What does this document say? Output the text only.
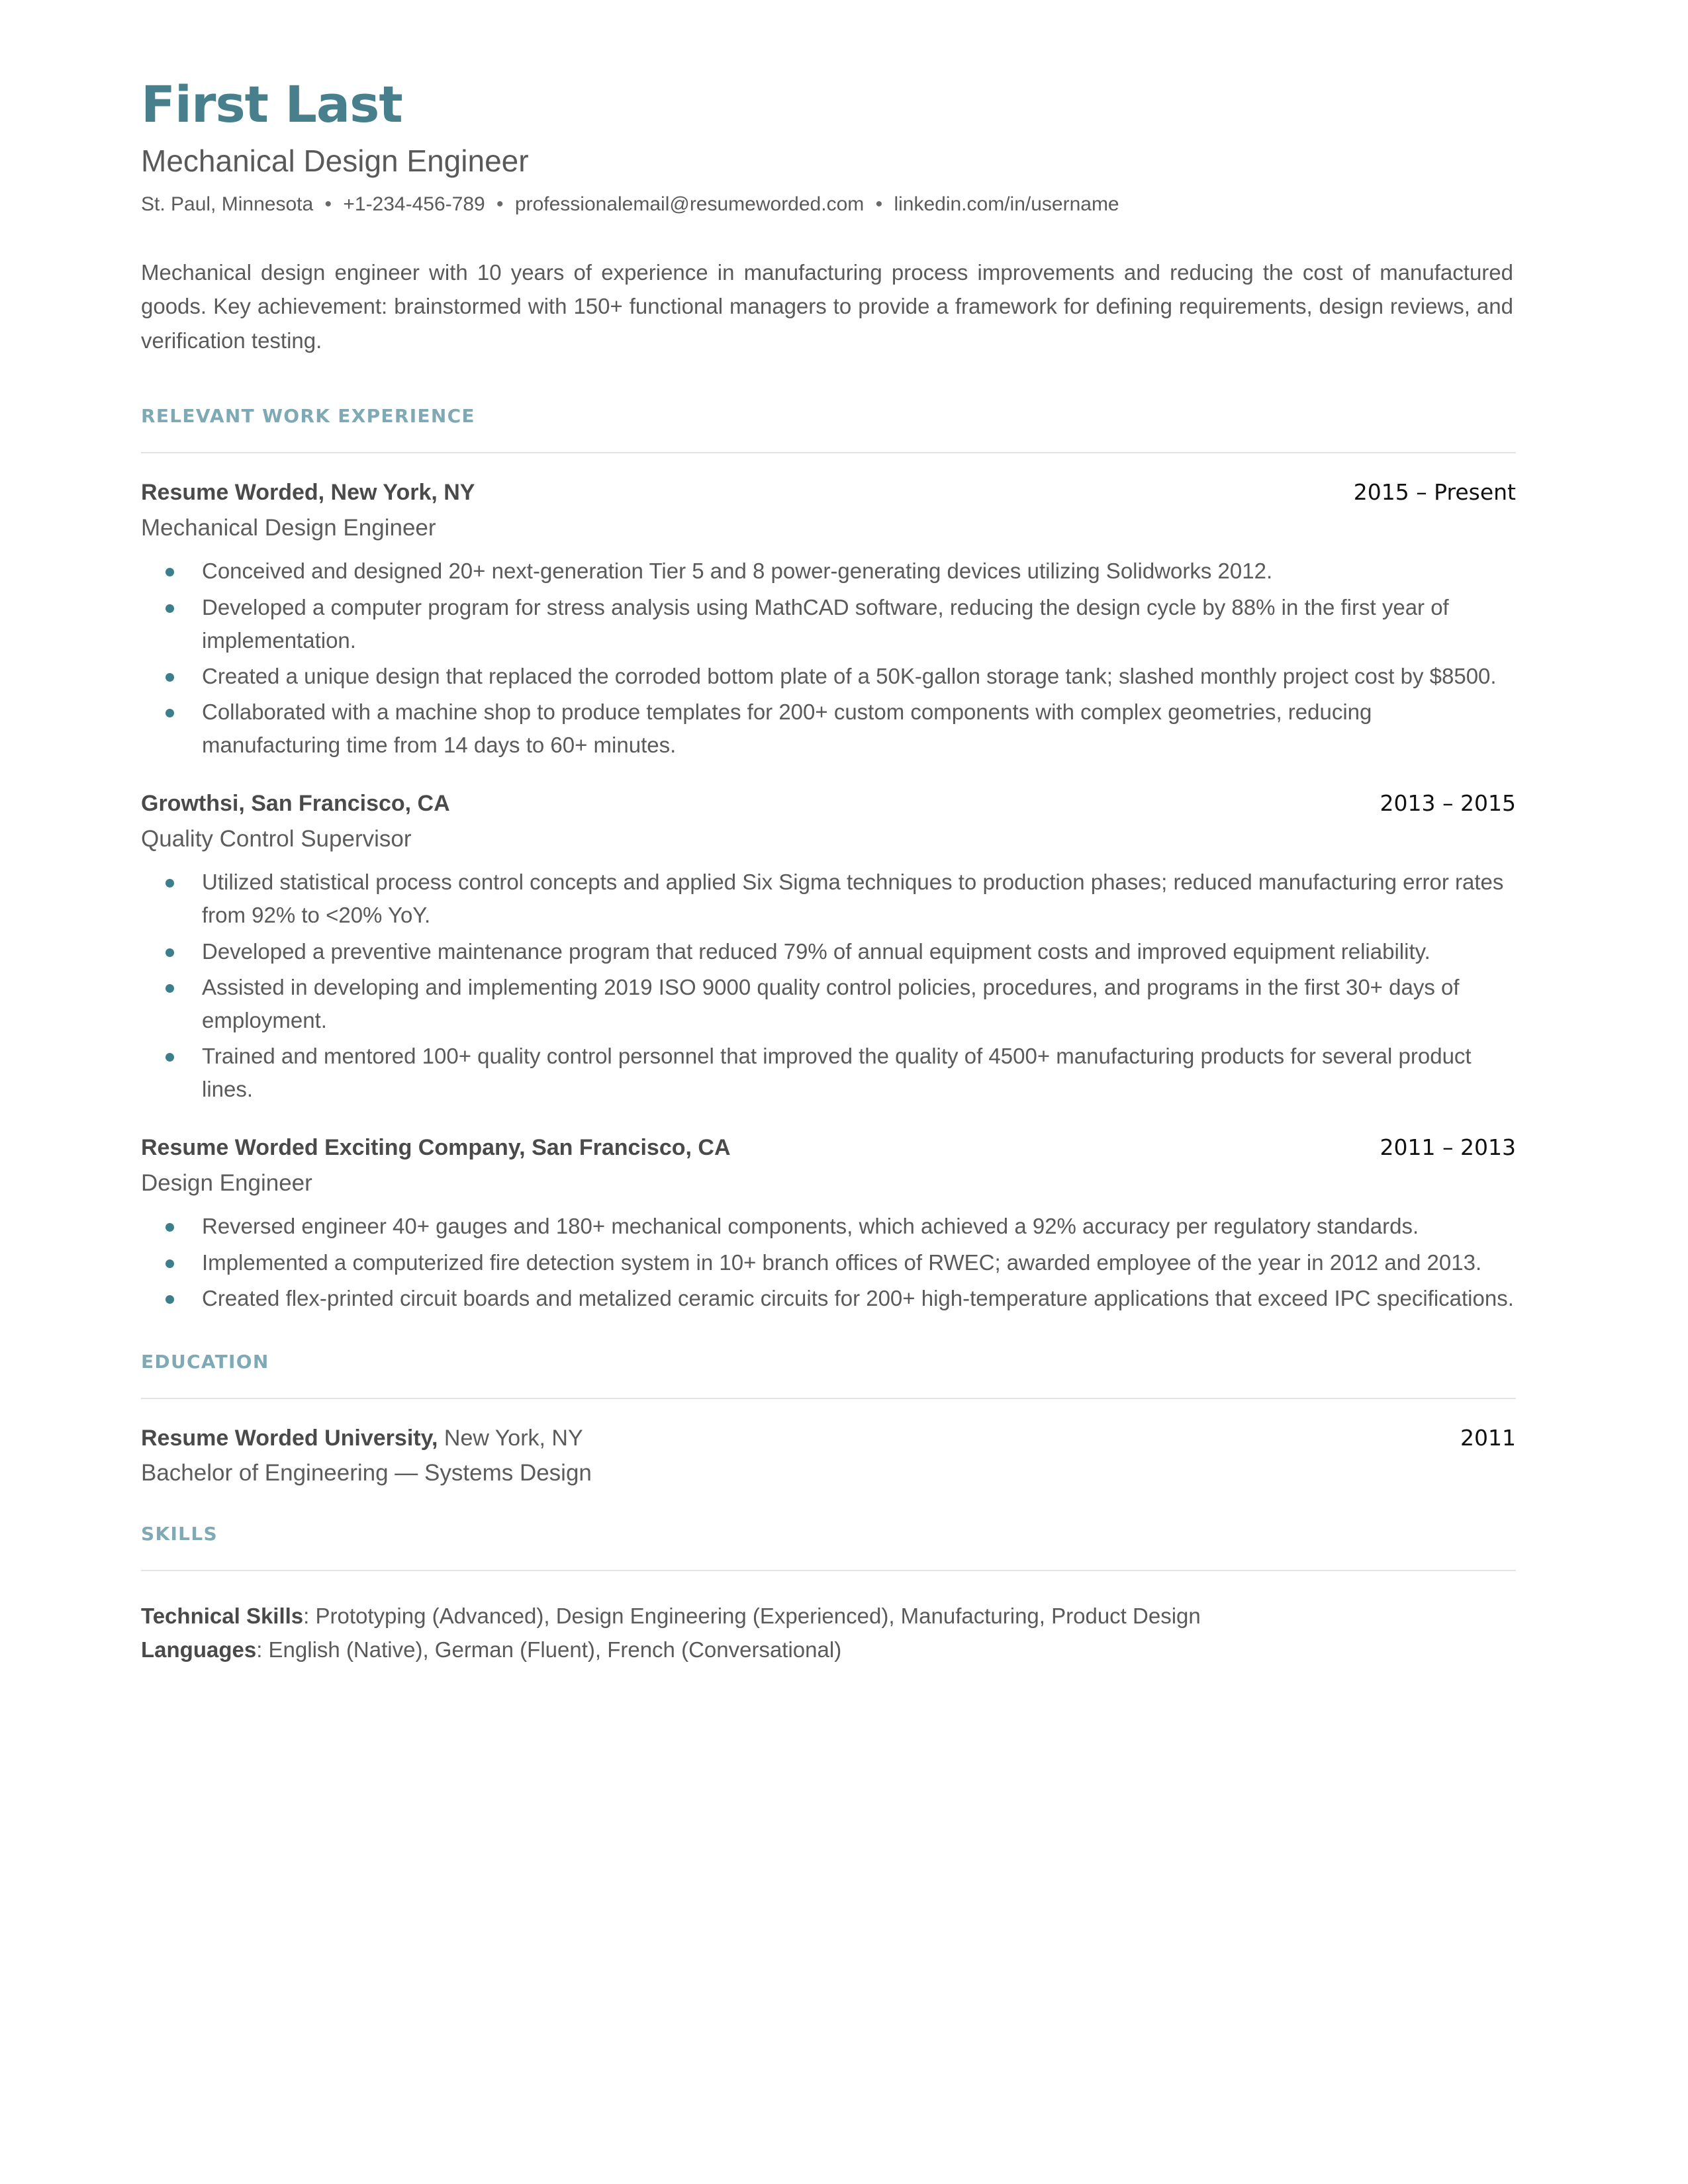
First Last
Mechanical Design Engineer
St. Paul, Minnesota • +1-234-456-789 • professionalemail@resumeworded.com • linkedin.com/in/username

Mechanical design engineer with 10 years of experience in manufacturing process improvements and reducing the cost of manufactured goods. Key achievement: brainstormed with 150+ functional managers to provide a framework for defining requirements, design reviews, and verification testing.

RELEVANT WORK EXPERIENCE
Resume Worded, New York, NY	2015 – Present
Mechanical Design Engineer
Conceived and designed 20+ next-generation Tier 5 and 8 power-generating devices utilizing Solidworks 2012.
Developed a computer program for stress analysis using MathCAD software, reducing the design cycle by 88% in the first year of implementation.
Created a unique design that replaced the corroded bottom plate of a 50K-gallon storage tank; slashed monthly project cost by $8500.
Collaborated with a machine shop to produce templates for 200+ custom components with complex geometries, reducing manufacturing time from 14 days to 60+ minutes.
Growthsi, San Francisco, CA	2013 – 2015
Quality Control Supervisor
Utilized statistical process control concepts and applied Six Sigma techniques to production phases; reduced manufacturing error rates from 92% to <20% YoY.
Developed a preventive maintenance program that reduced 79% of annual equipment costs and improved equipment reliability.
Assisted in developing and implementing 2019 ISO 9000 quality control policies, procedures, and programs in the first 30+ days of employment.
Trained and mentored 100+ quality control personnel that improved the quality of 4500+ manufacturing products for several product lines.
Resume Worded Exciting Company, San Francisco, CA	2011 – 2013
Design Engineer
Reversed engineer 40+ gauges and 180+ mechanical components, which achieved a 92% accuracy per regulatory standards.
Implemented a computerized fire detection system in 10+ branch offices of RWEC; awarded employee of the year in 2012 and 2013.
Created flex-printed circuit boards and metalized ceramic circuits for 200+ high-temperature applications that exceed IPC specifications.
EDUCATION
Resume Worded University, New York, NY	2011
Bachelor of Engineering — Systems Design
SKILLS
Technical Skills: Prototyping (Advanced), Design Engineering (Experienced), Manufacturing, Product Design
Languages: English (Native), German (Fluent), French (Conversational)
